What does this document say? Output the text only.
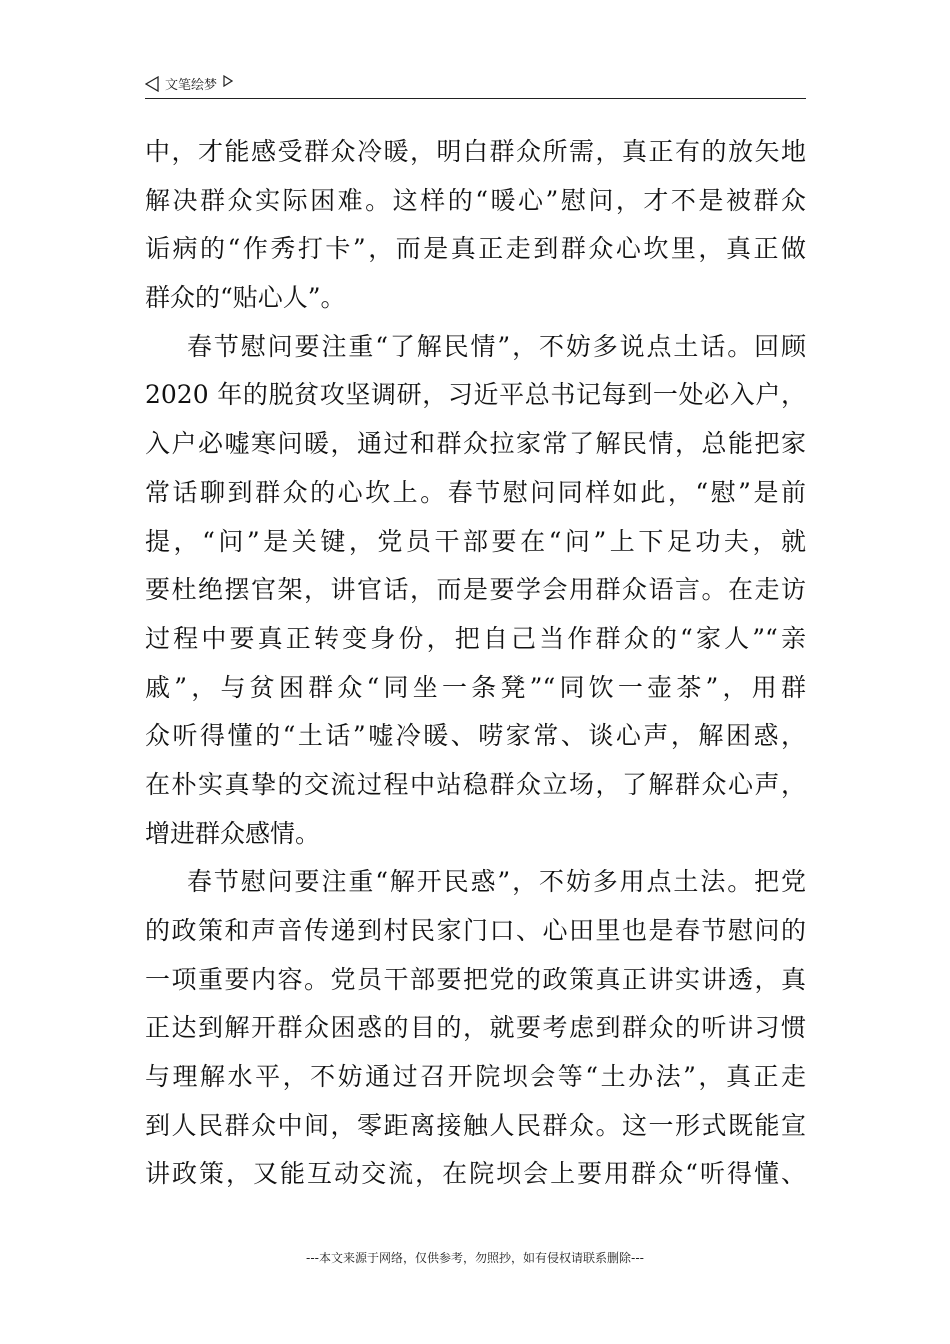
文笔绘梦
中，才能感受群众冷暖，明白群众所需，真正有的放矢地
解决群众实际困难。这样的“暖心”慰问，才不是被群众
诟病的“作秀打卡”，而是真正走到群众心坎里，真正做
群众的“贴心人”。
春节慰问要注重“了解民情”，不妨多说点土话。回顾
2020 年的脱贫攻坚调研，习近平总书记每到一处必入户，
入户必嘘寒问暖，通过和群众拉家常了解民情，总能把家
常话聊到群众的心坎上。春节慰问同样如此，“慰”是前
提，“问”是关键，党员干部要在“问”上下足功夫，就
要杜绝摆官架，讲官话，而是要学会用群众语言。在走访
过程中要真正转变身份，把自己当作群众的“家人”“亲
戚”，与贫困群众“同坐一条凳”“同饮一壶茶”，用群
众听得懂的“土话”嘘冷暖、唠家常、谈心声，解困惑，
在朴实真挚的交流过程中站稳群众立场，了解群众心声，
增进群众感情。
春节慰问要注重“解开民惑”，不妨多用点土法。把党
的政策和声音传递到村民家门口、心田里也是春节慰问的
一项重要内容。党员干部要把党的政策真正讲实讲透，真
正达到解开群众困惑的目的，就要考虑到群众的听讲习惯
与理解水平，不妨通过召开院坝会等“土办法”，真正走
到人民群众中间，零距离接触人民群众。这一形式既能宣
讲政策，又能互动交流，在院坝会上要用群众“听得懂、
---本文来源于网络，仅供参考，勿照抄，如有侵权请联系删除---
